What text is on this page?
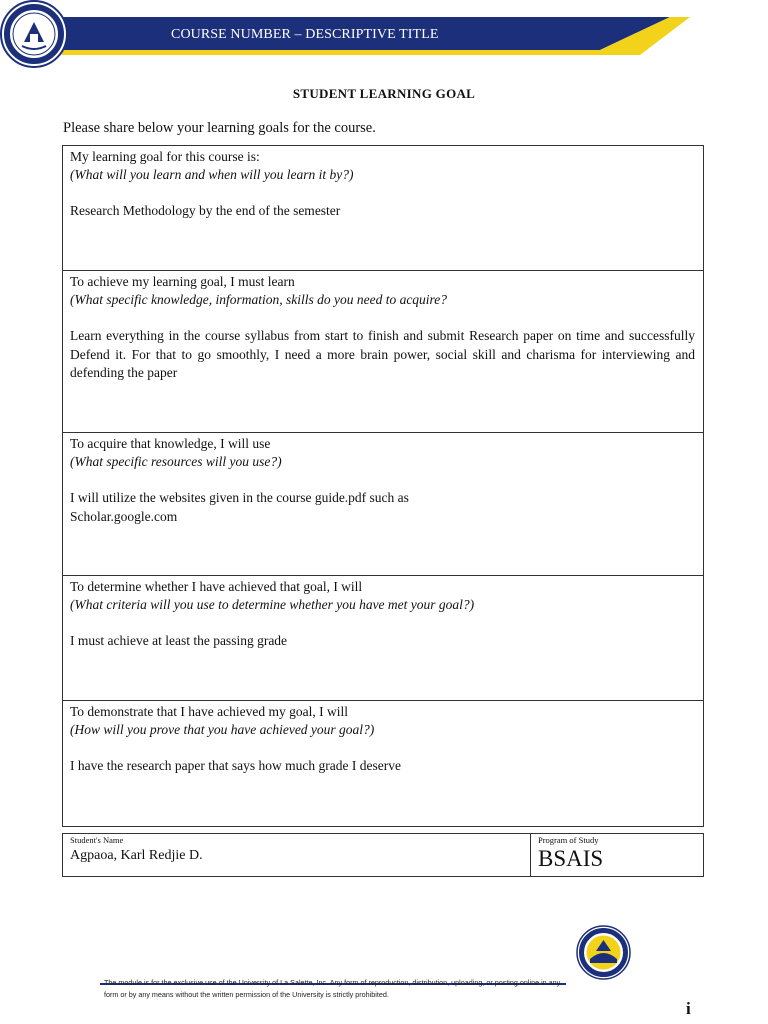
COURSE NUMBER – DESCRIPTIVE TITLE
STUDENT LEARNING GOAL
Please share below your learning goals for the course.
My learning goal for this course is:
(What will you learn and when will you learn it by?)
Research Methodology by the end of the semester
To achieve my learning goal, I must learn
(What specific knowledge, information, skills do you need to acquire?
Learn everything in the course syllabus from start to finish and submit Research paper on time and successfully Defend it. For that to go smoothly, I need a more brain power, social skill and charisma for interviewing and defending the paper
To acquire that knowledge, I will use
(What specific resources will you use?)
I will utilize the websites given in the course guide.pdf such as
Scholar.google.com
To determine whether I have achieved that goal, I will
(What criteria will you use to determine whether you have met your goal?)
I must achieve at least the passing grade
To demonstrate that I have achieved my goal, I will
(How will you prove that you have achieved your goal?)
I have the research paper that says how much grade I deserve
Student's Name
Agpaoa, Karl Redjie D.
Program of Study
BSAIS
The module is for the exclusive use of the University of La Salette, Inc. Any form of reproduction, distribution, uploading, or posting online in any form or by any means without the written permission of the University is strictly prohibited.
i
